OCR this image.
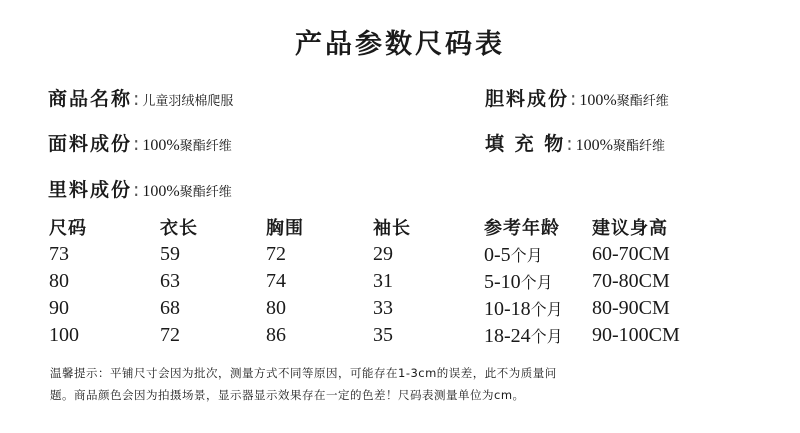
产品参数尺码表
商品名称:儿童羽绒棉爬服	胆料成份:100%聚酯纤维
面料成份:100%聚酯纤维	填 充 物:100%聚酯纤维
里料成份:100%聚酯纤维
尺码	衣长	胸围	袖长	参考年龄 建议身高
73	59	72	29	0-5个月 60-70CM
80	63	74	31	5-10个月 70-80CM
90	68	80	33	10-18个月 80-90CM
100	72	86	35	18-24个月 90-100CM
温馨提示：平铺尺寸会因为批次，测量方式不同等原因，可能存在1-3cm的误差，此不为质量问
题。商品颜色会因为拍摄场景，显示器显示效果存在一定的色差！尺码表测量单位为cm。
